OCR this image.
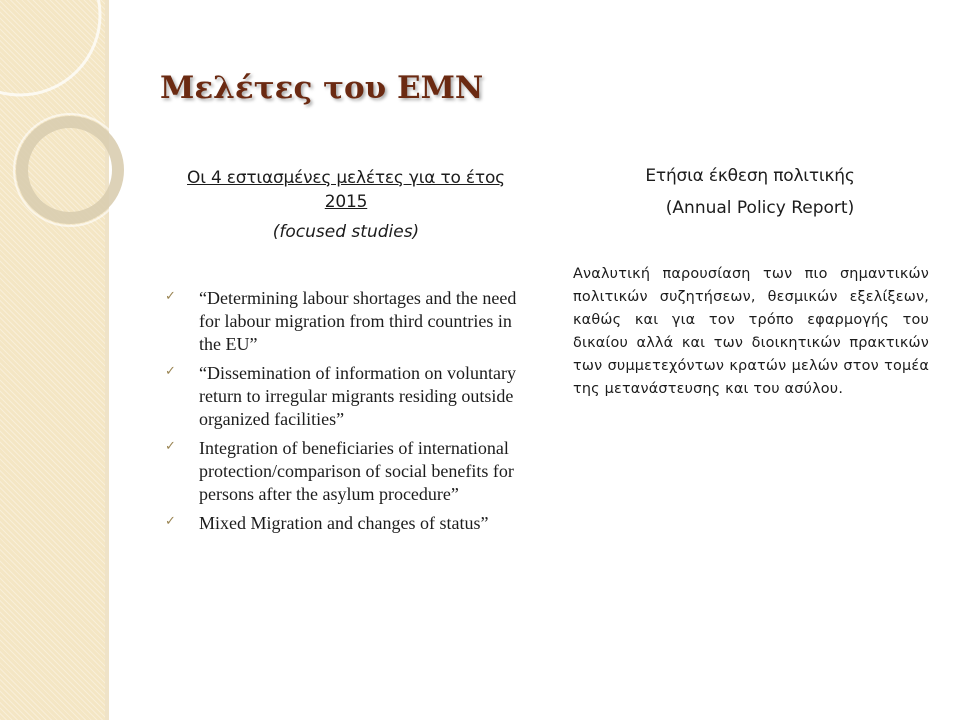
Μελέτες του EMN
Οι 4 εστιασμένες μελέτες για το έτος 2015
(focused studies)
Ετήσια έκθεση πολιτικής
(Annual Policy Report)
✓ “Determining labour shortages and the need for labour migration from third countries in the EU”
✓ “Dissemination of information on voluntary return to irregular migrants residing outside organized facilities”
✓ Integration of beneficiaries of international protection/comparison of social benefits for persons after the asylum procedure”
✓ Mixed Migration and changes of status”
Αναλυτική παρουσίαση των πιο σημαντικών πολιτικών συζητήσεων, θεσμικών εξελίξεων, καθώς και για τον τρόπο εφαρμογής του δικαίου αλλά και των διοικητικών πρακτικών των συμμετεχόντων κρατών μελών στον τομέα της μετανάστευσης και του ασύλου.
